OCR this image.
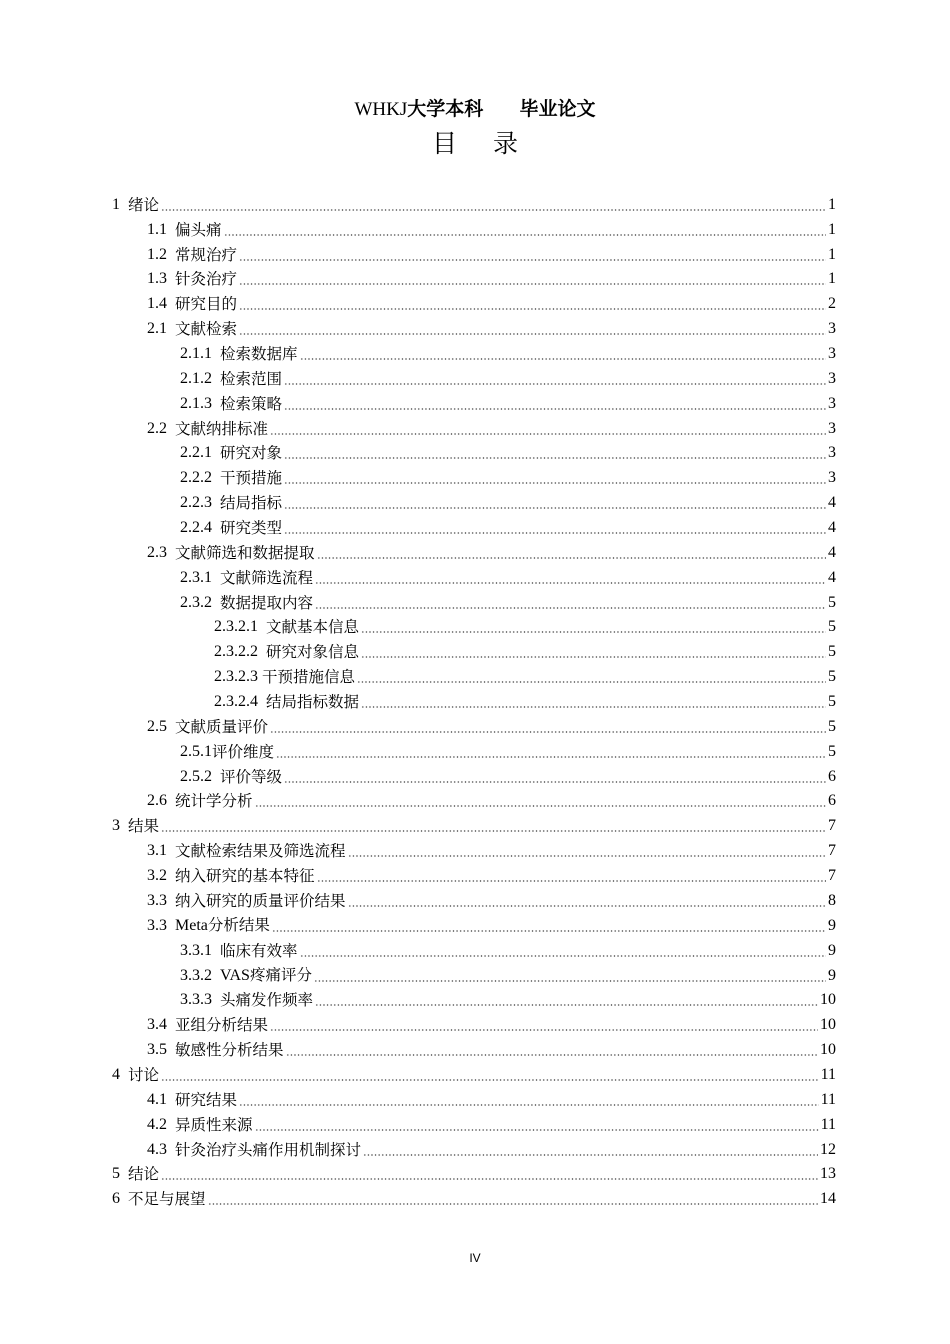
WHKJ大学本科 毕业论文
目 录
1 绪论	1
1.1 偏头痛	1
1.2 常规治疗	1
1.3 针灸治疗	1
1.4 研究目的	2
2.1 文献检索	3
2.1.1 检索数据库	3
2.1.2 检索范围	3
2.1.3 检索策略	3
2.2 文献纳排标准	3
2.2.1 研究对象	3
2.2.2 干预措施	3
2.2.3 结局指标	4
2.2.4 研究类型	4
2.3 文献筛选和数据提取	4
2.3.1 文献筛选流程	4
2.3.2 数据提取内容	5
2.3.2.1 文献基本信息	5
2.3.2.2 研究对象信息	5
2.3.2.3 干预措施信息	5
2.3.2.4 结局指标数据	5
2.5 文献质量评价	5
2.5.1 评价维度	5
2.5.2 评价等级	6
2.6 统计学分析	6
3 结果	7
3.1 文献检索结果及筛选流程	7
3.2 纳入研究的基本特征	7
3.3 纳入研究的质量评价结果	8
3.3 Meta分析结果	9
3.3.1 临床有效率	9
3.3.2 VAS疼痛评分	9
3.3.3 头痛发作频率	10
3.4 亚组分析结果	10
3.5 敏感性分析结果	10
4 讨论	11
4.1 研究结果	11
4.2 异质性来源	11
4.3 针灸治疗头痛作用机制探讨	12
5 结论	13
6 不足与展望	14
IV
